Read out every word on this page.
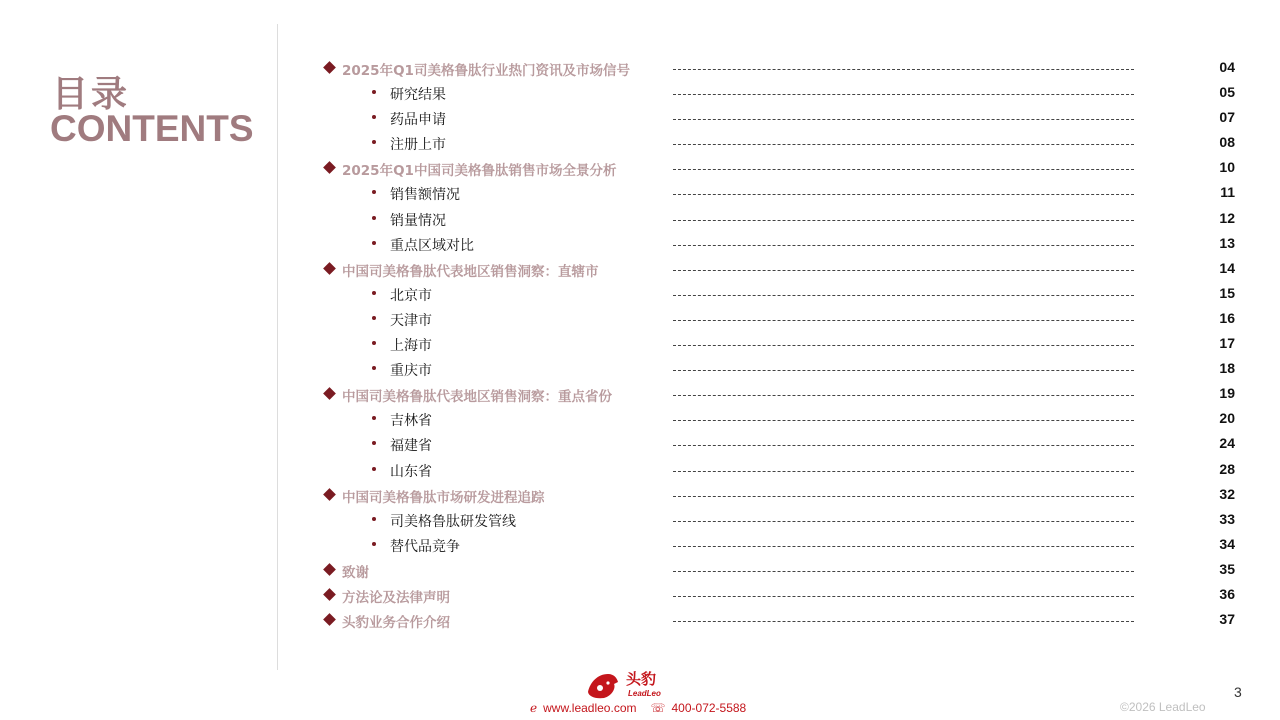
目录
CONTENTS
2025年Q1司美格鲁肽行业热门资讯及市场信号	04
研究结果	05
药品申请	07
注册上市	08
2025年Q1中国司美格鲁肽销售市场全景分析	10
销售额情况	11
销量情况	12
重点区域对比	13
中国司美格鲁肽代表地区销售洞察：直辖市	14
北京市	15
天津市	16
上海市	17
重庆市	18
中国司美格鲁肽代表地区销售洞察：重点省份	19
吉林省	20
福建省	24
山东省	28
中国司美格鲁肽市场研发进程追踪	32
司美格鲁肽研发管线	33
替代品竞争	34
致谢	35
方法论及法律声明	36
头豹业务合作介绍	37
头豹
LeadLeo
ℯ www.leadleo.com ☏ 400-072-5588
3
©2026 LeadLeo
